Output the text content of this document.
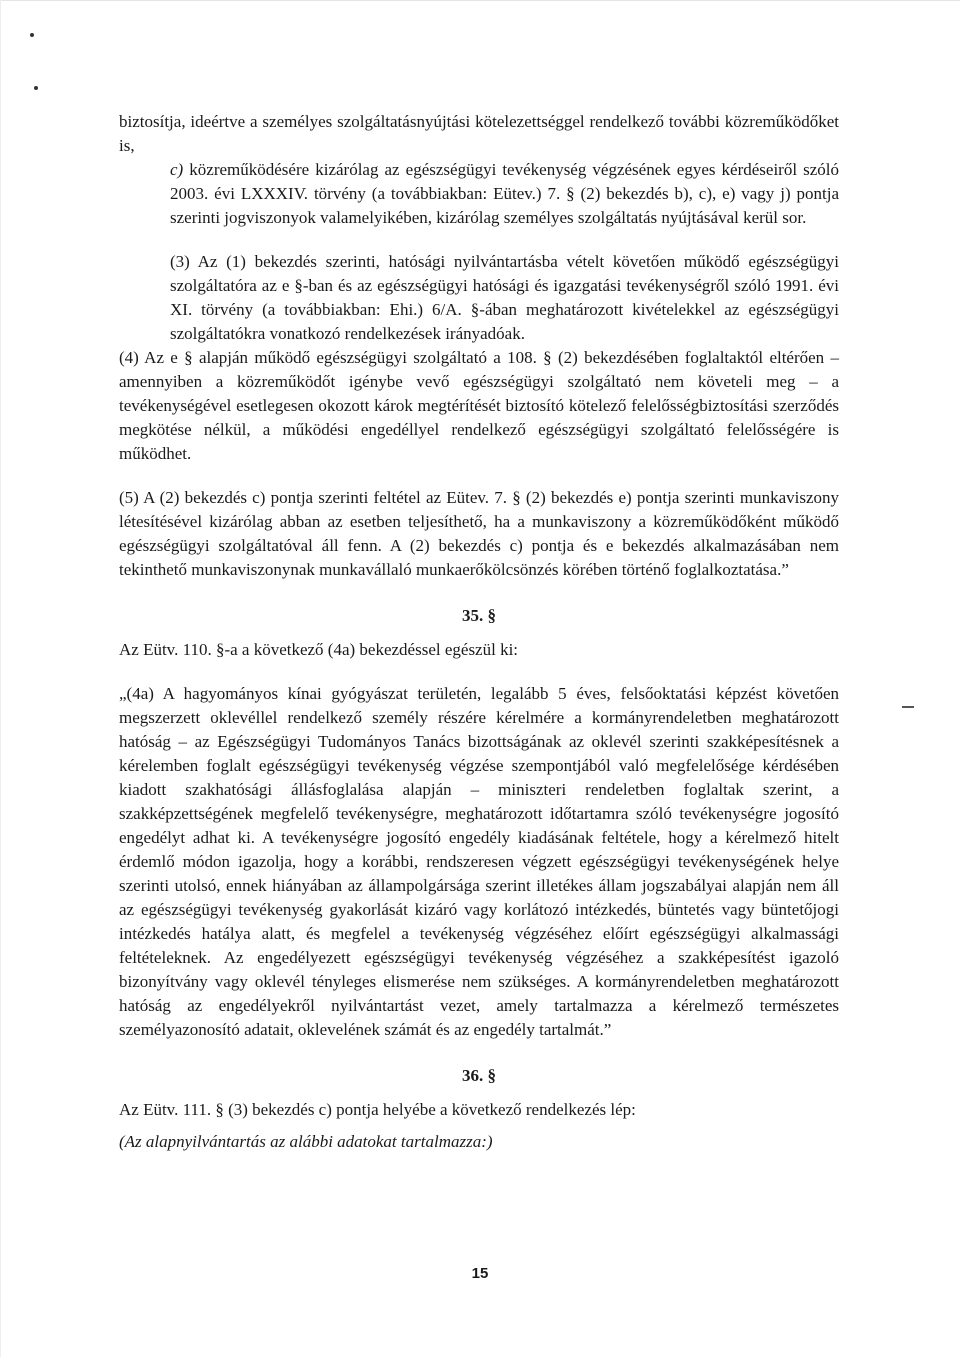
biztosítja, ideértve a személyes szolgáltatásnyújtási kötelezettséggel rendelkező további közreműködőket is,

c) közreműködésére kizárólag az egészségügyi tevékenység végzésének egyes kérdéseiről szóló 2003. évi LXXXIV. törvény (a továbbiakban: Eütev.) 7. § (2) bekezdés b), c), e) vagy j) pontja szerinti jogviszonyok valamelyikében, kizárólag személyes szolgáltatás nyújtásával kerül sor.

(3) Az (1) bekezdés szerinti, hatósági nyilvántartásba vételt követően működő egészségügyi szolgáltatóra az e §-ban és az egészségügyi hatósági és igazgatási tevékenységről szóló 1991. évi XI. törvény (a továbbiakban: Ehi.) 6/A. §-ában meghatározott kivételekkel az egészségügyi szolgáltatókra vonatkozó rendelkezések irányadóak.

(4) Az e § alapján működő egészségügyi szolgáltató a 108. § (2) bekezdésében foglaltaktól eltérően – amennyiben a közreműködőt igénybe vevő egészségügyi szolgáltató nem követeli meg – a tevékenységével esetlegesen okozott károk megtérítését biztosító kötelező felelősségbiztosítási szerződés megkötése nélkül, a működési engedéllyel rendelkező egészségügyi szolgáltató felelősségére is működhet.

(5) A (2) bekezdés c) pontja szerinti feltétel az Eütev. 7. § (2) bekezdés e) pontja szerinti munkaviszony létesítésével kizárólag abban az esetben teljesíthető, ha a munkaviszony a közreműködőként működő egészségügyi szolgáltatóval áll fenn. A (2) bekezdés c) pontja és e bekezdés alkalmazásában nem tekinthető munkaviszonynak munkavállaló munkaerőkölcsönzés körében történő foglalkoztatása.”

35. §

Az Eütv. 110. §-a a következő (4a) bekezdéssel egészül ki:

„(4a) A hagyományos kínai gyógyászat területén, legalább 5 éves, felsőoktatási képzést követően megszerzett oklevéllel rendelkező személy részére kérelmére a kormányrendeletben meghatározott hatóság – az Egészségügyi Tudományos Tanács bizottságának az oklevél szerinti szakképesítésnek a kérelemben foglalt egészségügyi tevékenység végzése szempontjából való megfelelősége kérdésében kiadott szakhatósági állásfoglalása alapján – miniszteri rendeletben foglaltak szerint, a szakképzettségének megfelelő tevékenységre, meghatározott időtartamra szóló tevékenységre jogosító engedélyt adhat ki. A tevékenységre jogosító engedély kiadásának feltétele, hogy a kérelmező hitelt érdemlő módon igazolja, hogy a korábbi, rendszeresen végzett egészségügyi tevékenységének helye szerinti utolsó, ennek hiányában az állampolgársága szerint illetékes állam jogszabályai alapján nem áll az egészségügyi tevékenység gyakorlását kizáró vagy korlátozó intézkedés, büntetés vagy büntetőjogi intézkedés hatálya alatt, és megfelel a tevékenység végzéséhez előírt egészségügyi alkalmassági feltételeknek. Az engedélyezett egészségügyi tevékenység végzéséhez a szakképesítést igazoló bizonyítvány vagy oklevél tényleges elismerése nem szükséges. A kormányrendeletben meghatározott hatóság az engedélyekről nyilvántartást vezet, amely tartalmazza a kérelmező természetes személyazonosító adatait, oklevelének számát és az engedély tartalmát.”

36. §

Az Eütv. 111. § (3) bekezdés c) pontja helyébe a következő rendelkezés lép:

(Az alapnyilvántartás az alábbi adatokat tartalmazza:)

15
